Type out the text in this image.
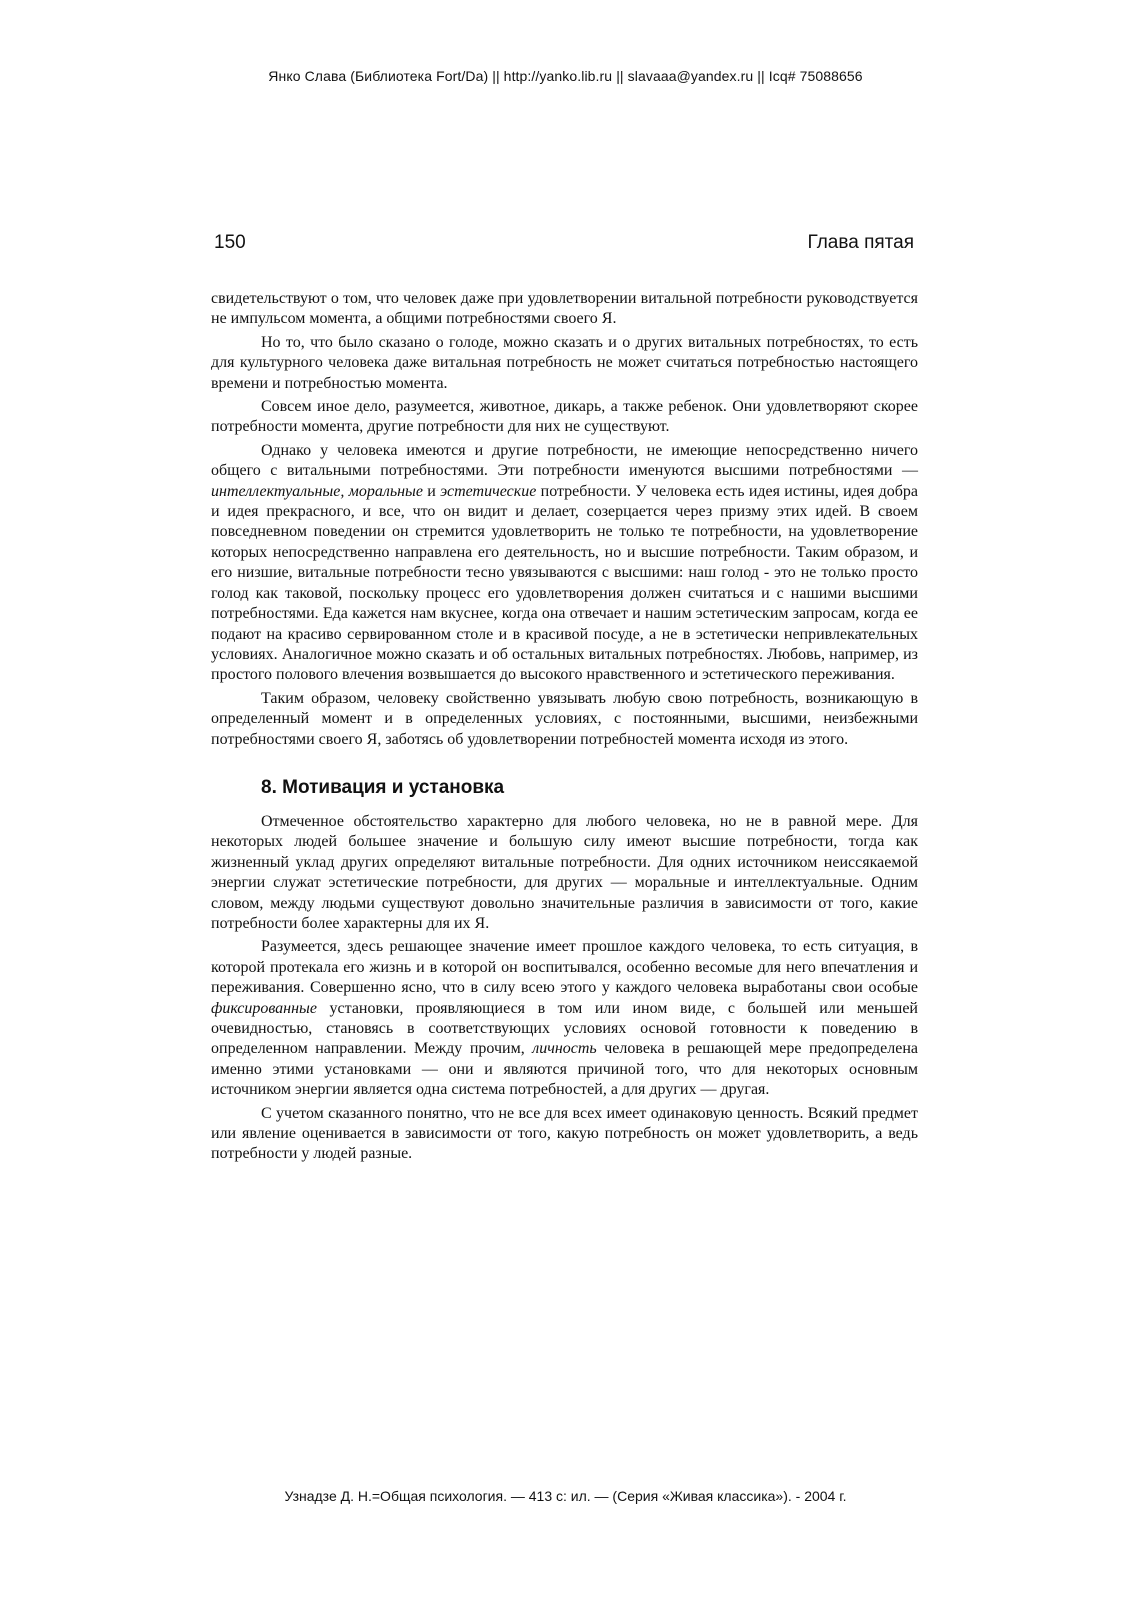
Янко Слава (Библиотека Fort/Da) || http://yanko.lib.ru || slavaaa@yandex.ru || Icq# 75088656
150	Глава пятая

свидетельствуют о том, что человек даже при удовлетворении витальной потребности руководствуется не импульсом момента, а общими потребностями своего Я.

Но то, что было сказано о голоде, можно сказать и о других витальных потребностях, то есть для культурного человека даже витальная потребность не может считаться потребностью настоящего времени и потребностью момента.

Совсем иное дело, разумеется, животное, дикарь, а также ребенок. Они удовлетворяют скорее потребности момента, другие потребности для них не существуют.

Однако у человека имеются и другие потребности, не имеющие непосредственно ничего общего с витальными потребностями. Эти потребности именуются высшими потребностями — интеллектуальные, моральные и эстетические потребности. У человека есть идея истины, идея добра и идея прекрасного, и все, что он видит и делает, созерцается через призму этих идей. В своем повседневном поведении он стремится удовлетворить не только те потребности, на удовлетворение которых непосредственно направлена его деятельность, но и высшие потребности. Таким образом, и его низшие, витальные потребности тесно увязываются с высшими: наш голод - это не только просто голод как таковой, поскольку процесс его удовлетворения должен считаться и с нашими высшими потребностями. Еда кажется нам вкуснее, когда она отвечает и нашим эстетическим запросам, когда ее подают на красиво сервированном столе и в красивой посуде, а не в эстетически непривлекательных условиях. Аналогичное можно сказать и об остальных витальных потребностях. Любовь, например, из простого полового влечения возвышается до высокого нравственного и эстетического переживания.

Таким образом, человеку свойственно увязывать любую свою потребность, возникающую в определенный момент и в определенных условиях, с постоянными, высшими, неизбежными потребностями своего Я, заботясь об удовлетворении потребностей момента исходя из этого.

8. Мотивация и установка

Отмеченное обстоятельство характерно для любого человека, но не в равной мере. Для некоторых людей большее значение и большую силу имеют высшие потребности, тогда как жизненный уклад других определяют витальные потребности. Для одних источником неиссякаемой энергии служат эстетические потребности, для других — моральные и интеллектуальные. Одним словом, между людьми существуют довольно значительные различия в зависимости от того, какие потребности более характерны для их Я.

Разумеется, здесь решающее значение имеет прошлое каждого человека, то есть ситуация, в которой протекала его жизнь и в которой он воспитывался, особенно весомые для него впечатления и переживания. Совершенно ясно, что в силу всею этого у каждого человека выработаны свои особые фиксированные установки, проявляющиеся в том или ином виде, с большей или меньшей очевидностью, становясь в соответствующих условиях основой готовности к поведению в определенном направлении. Между прочим, личность человека в решающей мере предопределена именно этими установками — они и являются причиной того, что для некоторых основным источником энергии является одна система потребностей, а для других — другая.

С учетом сказанного понятно, что не все для всех имеет одинаковую ценность. Всякий предмет или явление оценивается в зависимости от того, какую потребность он может удовлетворить, а ведь потребности у людей разные.

Узнадзе Д. Н.=Общая психология. — 413 с: ил. — (Серия «Живая классика»). - 2004 г.
